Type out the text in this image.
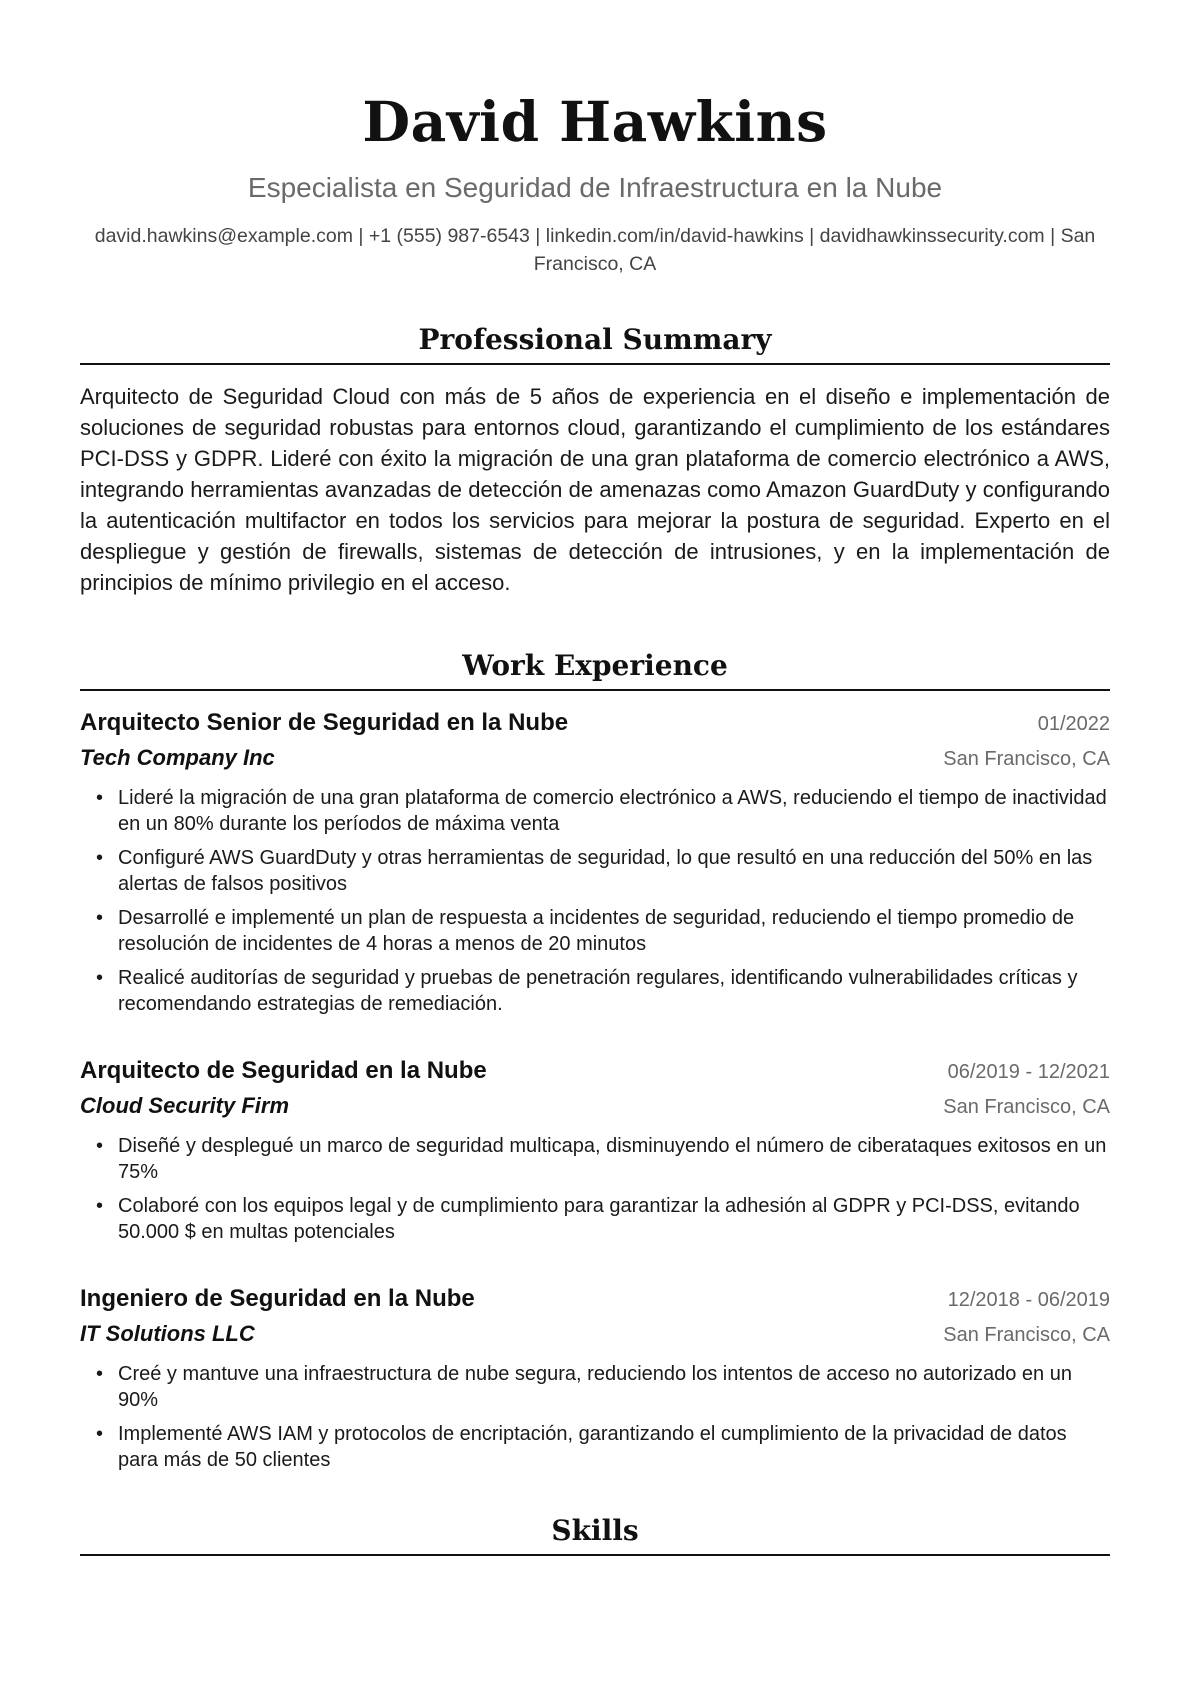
David Hawkins
Especialista en Seguridad de Infraestructura en la Nube
david.hawkins@example.com | +1 (555) 987-6543 | linkedin.com/in/david-hawkins | davidhawkinssecurity.com | San Francisco, CA
Professional Summary

Arquitecto de Seguridad Cloud con más de 5 años de experiencia en el diseño e implementación de soluciones de seguridad robustas para entornos cloud, garantizando el cumplimiento de los estándares PCI-DSS y GDPR. Lideré con éxito la migración de una gran plataforma de comercio electrónico a AWS, integrando herramientas avanzadas de detección de amenazas como Amazon GuardDuty y configurando la autenticación multifactor en todos los servicios para mejorar la postura de seguridad. Experto en el despliegue y gestión de firewalls, sistemas de detección de intrusiones, y en la implementación de principios de mínimo privilegio en el acceso.

Work Experience
Arquitecto Senior de Seguridad en la Nube	01/2022
Tech Company Inc	San Francisco, CA
• Lideré la migración de una gran plataforma de comercio electrónico a AWS, reduciendo el tiempo de inactividad en un 80% durante los períodos de máxima venta
• Configuré AWS GuardDuty y otras herramientas de seguridad, lo que resultó en una reducción del 50% en las alertas de falsos positivos
• Desarrollé e implementé un plan de respuesta a incidentes de seguridad, reduciendo el tiempo promedio de resolución de incidentes de 4 horas a menos de 20 minutos
• Realicé auditorías de seguridad y pruebas de penetración regulares, identificando vulnerabilidades críticas y recomendando estrategias de remediación.
Arquitecto de Seguridad en la Nube	06/2019 - 12/2021
Cloud Security Firm	San Francisco, CA
• Diseñé y desplegué un marco de seguridad multicapa, disminuyendo el número de ciberataques exitosos en un 75%
• Colaboré con los equipos legal y de cumplimiento para garantizar la adhesión al GDPR y PCI-DSS, evitando 50.000 $ en multas potenciales
Ingeniero de Seguridad en la Nube	12/2018 - 06/2019
IT Solutions LLC	San Francisco, CA
• Creé y mantuve una infraestructura de nube segura, reduciendo los intentos de acceso no autorizado en un 90%
• Implementé AWS IAM y protocolos de encriptación, garantizando el cumplimiento de la privacidad de datos para más de 50 clientes
Skills
